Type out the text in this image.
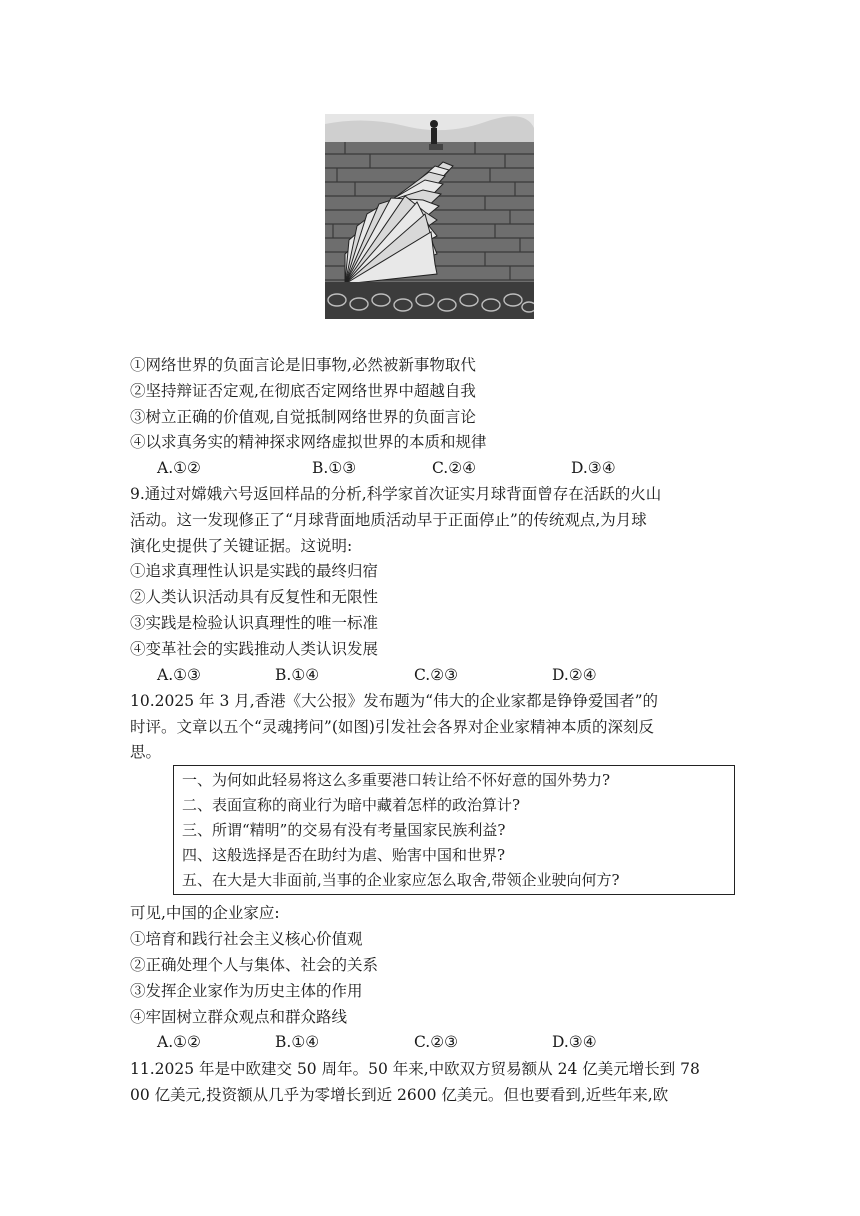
①网络世界的负面言论是旧事物,必然被新事物取代
②坚持辩证否定观,在彻底否定网络世界中超越自我
③树立正确的价值观,自觉抵制网络世界的负面言论
④以求真务实的精神探求网络虚拟世界的本质和规律
A.①②	B.①③	C.②④	D.③④
9.通过对嫦娥六号返回样品的分析,科学家首次证实月球背面曾存在活跃的火山
活动。这一发现修正了“月球背面地质活动早于正面停止”的传统观点,为月球
演化史提供了关键证据。这说明:
①追求真理性认识是实践的最终归宿
②人类认识活动具有反复性和无限性
③实践是检验认识真理性的唯一标准
④变革社会的实践推动人类认识发展
A.①③	B.①④	C.②③	D.②④
10.2025 年 3 月,香港《大公报》发布题为“伟大的企业家都是铮铮爱国者”的
时评。文章以五个“灵魂拷问”(如图)引发社会各界对企业家精神本质的深刻反
思。
一、为何如此轻易将这么多重要港口转让给不怀好意的国外势力?
二、表面宣称的商业行为暗中藏着怎样的政治算计?
三、所谓“精明”的交易有没有考量国家民族利益?
四、这般选择是否在助纣为虐、贻害中国和世界?
五、在大是大非面前,当事的企业家应怎么取舍,带领企业驶向何方?
可见,中国的企业家应:
①培育和践行社会主义核心价值观
②正确处理个人与集体、社会的关系
③发挥企业家作为历史主体的作用
④牢固树立群众观点和群众路线
A.①②	B.①④	C.②③	D.③④
11.2025 年是中欧建交 50 周年。50 年来,中欧双方贸易额从 24 亿美元增长到 78
00 亿美元,投资额从几乎为零增长到近 2600 亿美元。但也要看到,近些年来,欧
